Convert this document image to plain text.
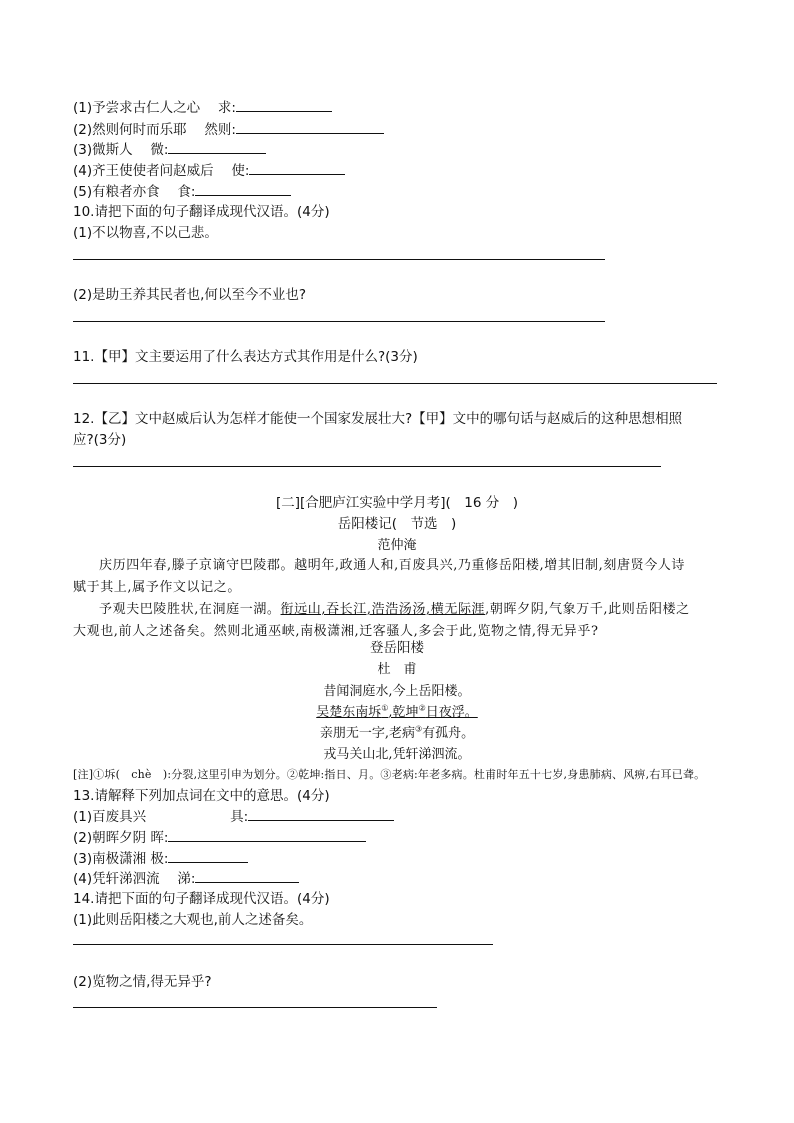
(1)予尝求古仁人之心　 求:
(2)然则何时而乐耶　 然则:
(3)微斯人　 微:
(4)齐王使使者问赵威后　 使:
(5)有粮者亦食　 食:
10.请把下面的句子翻译成现代汉语。(4分)
(1)不以物喜,不以己悲。
(2)是助王养其民者也,何以至今不业也?
11.【甲】文主要运用了什么表达方式其作用是什么?(3分)
12.【乙】文中赵威后认为怎样才能使一个国家发展壮大?【甲】文中的哪句话与赵威后的这种思想相照
应?(3分)
[二][合肥庐江实验中学月考](　16 分　)
岳阳楼记(　节选　)
范仲淹

庆历四年春,滕子京谪守巴陵郡。越明年,政通人和,百废具兴,乃重修岳阳楼,增其旧制,刻唐贤今人诗

赋于其上,属予作文以记之。

予观夫巴陵胜状,在洞庭一湖。衔远山,吞长江,浩浩汤汤,横无际涯,朝晖夕阴,气象万千,此则岳阳楼之

大观也,前人之述备矣。然则北通巫峡,南极潇湘,迁客骚人,多会于此,览物之情,得无异乎?
登岳阳楼
杜　甫
昔闻洞庭水,今上岳阳楼。
吴楚东南坼①,乾坤②日夜浮。
亲朋无一字,老病③有孤舟。
戎马关山北,凭轩涕泗流。
[注]①坼(　chè　):分裂,这里引申为划分。②乾坤:指日、月。③老病:年老多病。杜甫时年五十七岁,身患肺病、风痹,右耳已聋。
13.请解释下列加点词在文中的意思。(4分)
(1)百废具兴	具:
(2)朝晖夕阴 晖:
(3)南极潇湘 极:
(4)凭轩涕泗流　 涕:
14.请把下面的句子翻译成现代汉语。(4分)
(1)此则岳阳楼之大观也,前人之述备矣。
(2)览物之情,得无异乎?
